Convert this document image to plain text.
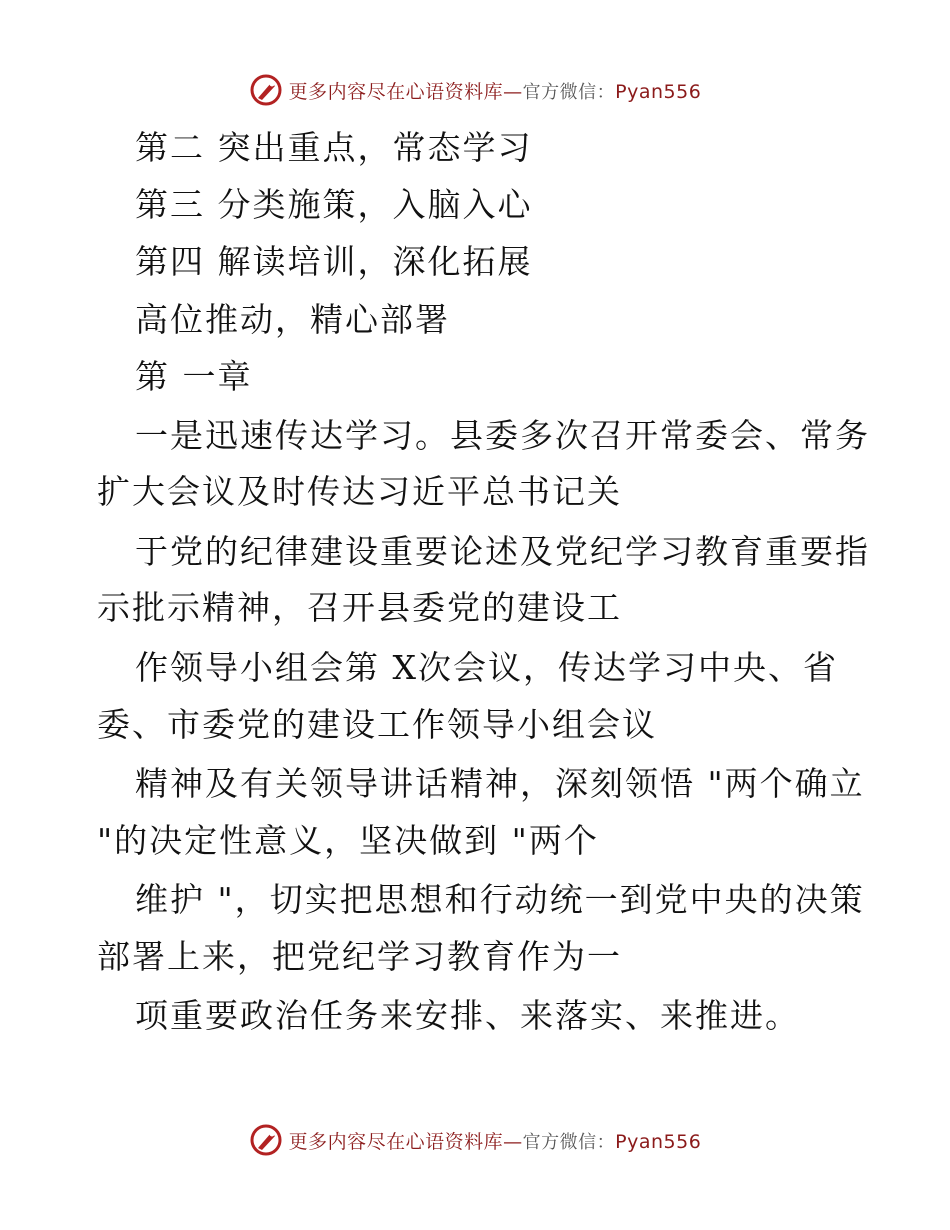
更多内容尽在心语资料库—官方微信：Pyan556
第二 突出重点，常态学习
第三 分类施策，入脑入心
第四 解读培训，深化拓展
高位推动，精心部署
第 一章
一是迅速传达学习。县委多次召开常委会、常务
扩大会议及时传达习近平总书记关
于党的纪律建设重要论述及党纪学习教育重要指
示批示精神，召开县委党的建设工
作领导小组会第 X次会议，传达学习中央、省
委、市委党的建设工作领导小组会议
精神及有关领导讲话精神，深刻领悟 "两个确立
"的决定性意义，坚决做到 "两个
维护 "，切实把思想和行动统一到党中央的决策
部署上来，把党纪学习教育作为一
项重要政治任务来安排、来落实、来推进。
更多内容尽在心语资料库—官方微信：Pyan556
